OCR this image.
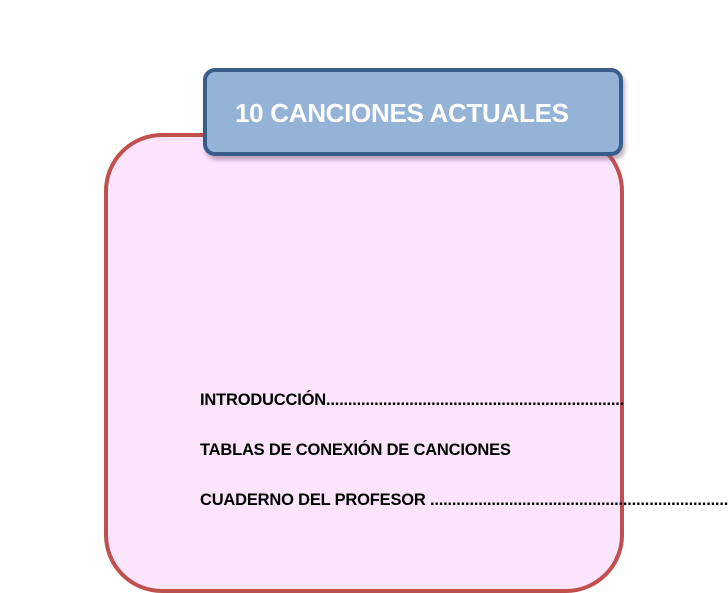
10 CANCIONES ACTUALES
INTRODUCCIÓN....................................................................
TABLAS DE CONEXIÓN DE CANCIONES
CUADERNO DEL PROFESOR ....................................................................
